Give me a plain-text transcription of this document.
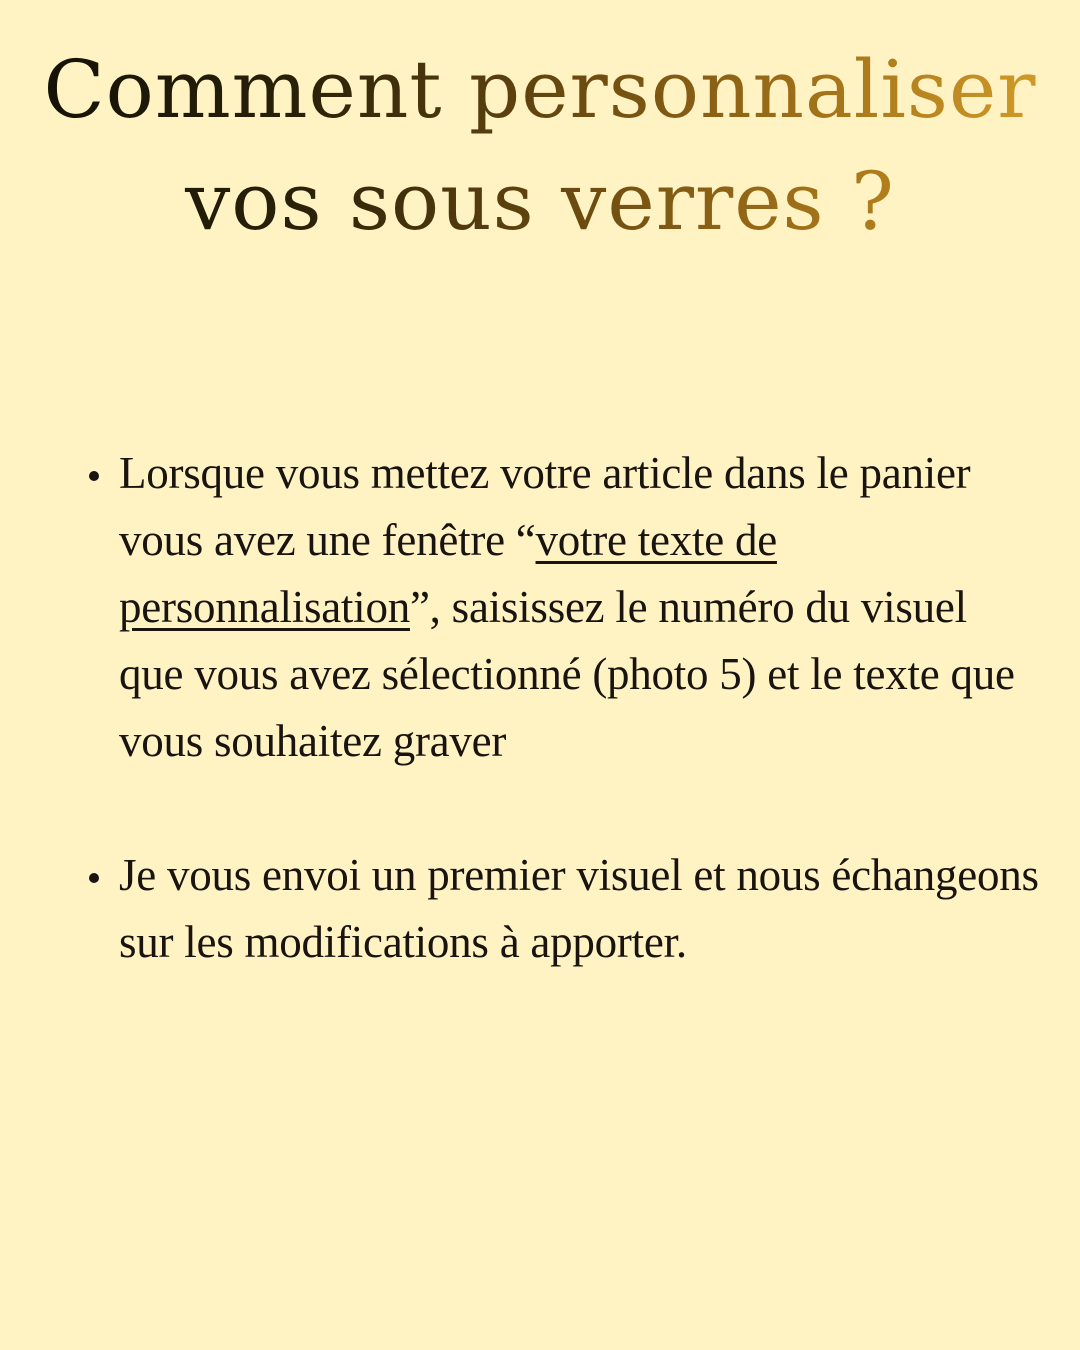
Comment personnaliser
vos sous verres ?
Lorsque vous mettez votre article dans le panier vous avez une fenêtre “votre texte de personnalisation”, saisissez le numéro du visuel que vous avez sélectionné (photo 5) et le texte que vous souhaitez graver
Je vous envoi un premier visuel et nous échangeons sur les modifications à apporter.
